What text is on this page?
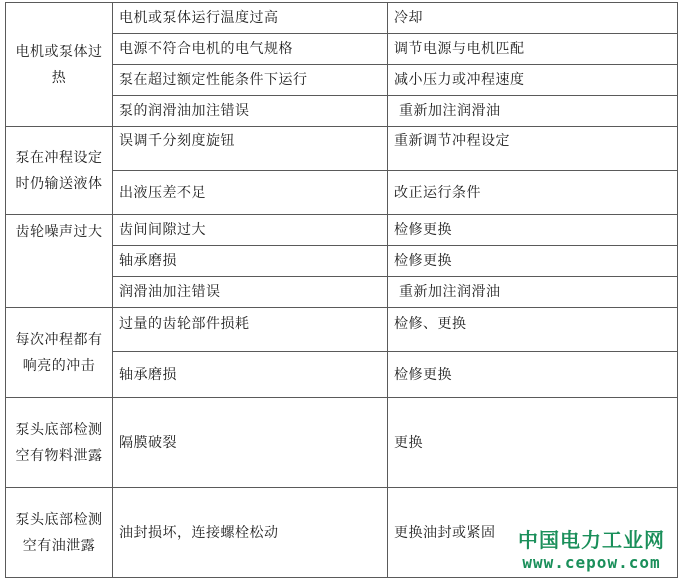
电机或泵体过热	电机或泵体运行温度过高	冷却
	电源不符合电机的电气规格	调节电源与电机匹配
	泵在超过额定性能条件下运行	减小压力或冲程速度
	泵的润滑油加注错误	重新加注润滑油
泵在冲程设定时仍输送液体	误调千分刻度旋钮	重新调节冲程设定
	出液压差不足	改正运行条件
齿轮噪声过大	齿间间隙过大	检修更换
	轴承磨损	检修更换
	润滑油加注错误	重新加注润滑油
每次冲程都有响亮的冲击	过量的齿轮部件损耗	检修、更换
	轴承磨损	检修更换
泵头底部检测空有物料泄露	隔膜破裂	更换
泵头底部检测空有油泄露	油封损坏，连接螺栓松动	更换油封或紧固 中国电力工业网
www.cepow.com
